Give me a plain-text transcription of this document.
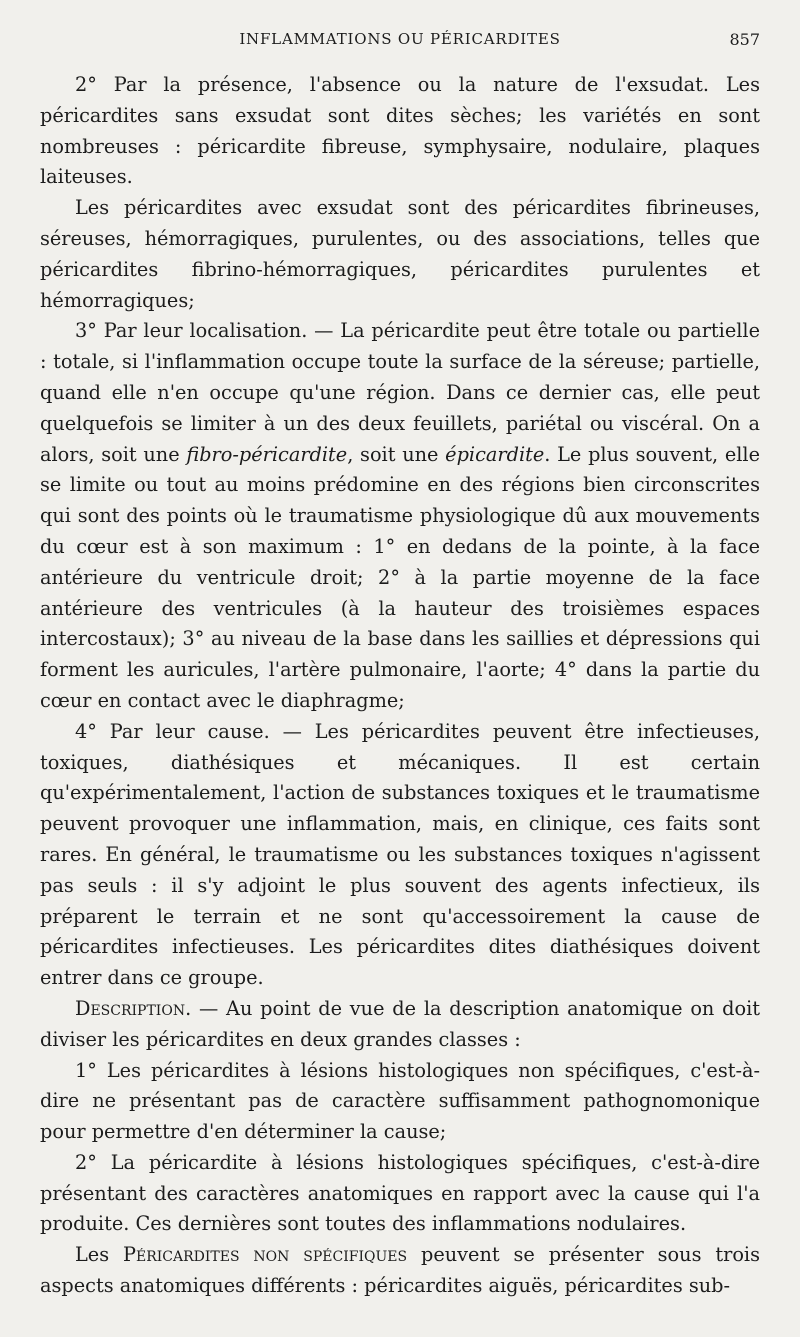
INFLAMMATIONS OU PÉRICARDITES	857

2° Par la présence, l'absence ou la nature de l'exsudat. Les péricardites sans exsudat sont dites sèches; les variétés en sont nombreuses : péricardite fibreuse, symphysaire, nodulaire, plaques laiteuses.

Les péricardites avec exsudat sont des péricardites fibrineuses, séreuses, hémorragiques, purulentes, ou des associations, telles que péricardites fibrino-hémorragiques, péricardites purulentes et hémorragiques;

3° Par leur localisation. — La péricardite peut être totale ou partielle : totale, si l'inflammation occupe toute la surface de la séreuse; partielle, quand elle n'en occupe qu'une région. Dans ce dernier cas, elle peut quelquefois se limiter à un des deux feuillets, pariétal ou viscéral. On a alors, soit une fibro-péricardite, soit une épicardite. Le plus souvent, elle se limite ou tout au moins prédomine en des régions bien circonscrites qui sont des points où le traumatisme physiologique dû aux mouvements du cœur est à son maximum : 1° en dedans de la pointe, à la face antérieure du ventricule droit; 2° à la partie moyenne de la face antérieure des ventricules (à la hauteur des troisièmes espaces intercostaux); 3° au niveau de la base dans les saillies et dépressions qui forment les auricules, l'artère pulmonaire, l'aorte; 4° dans la partie du cœur en contact avec le diaphragme;

4° Par leur cause. — Les péricardites peuvent être infectieuses, toxiques, diathésiques et mécaniques. Il est certain qu'expérimentalement, l'action de substances toxiques et le traumatisme peuvent provoquer une inflammation, mais, en clinique, ces faits sont rares. En général, le traumatisme ou les substances toxiques n'agissent pas seuls : il s'y adjoint le plus souvent des agents infectieux, ils préparent le terrain et ne sont qu'accessoirement la cause de péricardites infectieuses. Les péricardites dites diathésiques doivent entrer dans ce groupe.

Description. — Au point de vue de la description anatomique on doit diviser les péricardites en deux grandes classes :

1° Les péricardites à lésions histologiques non spécifiques, c'est-à-dire ne présentant pas de caractère suffisamment pathognomonique pour permettre d'en déterminer la cause;

2° La péricardite à lésions histologiques spécifiques, c'est-à-dire présentant des caractères anatomiques en rapport avec la cause qui l'a produite. Ces dernières sont toutes des inflammations nodulaires.

Les Péricardites non spécifiques peuvent se présenter sous trois aspects anatomiques différents : péricardites aiguës, péricardites sub-
